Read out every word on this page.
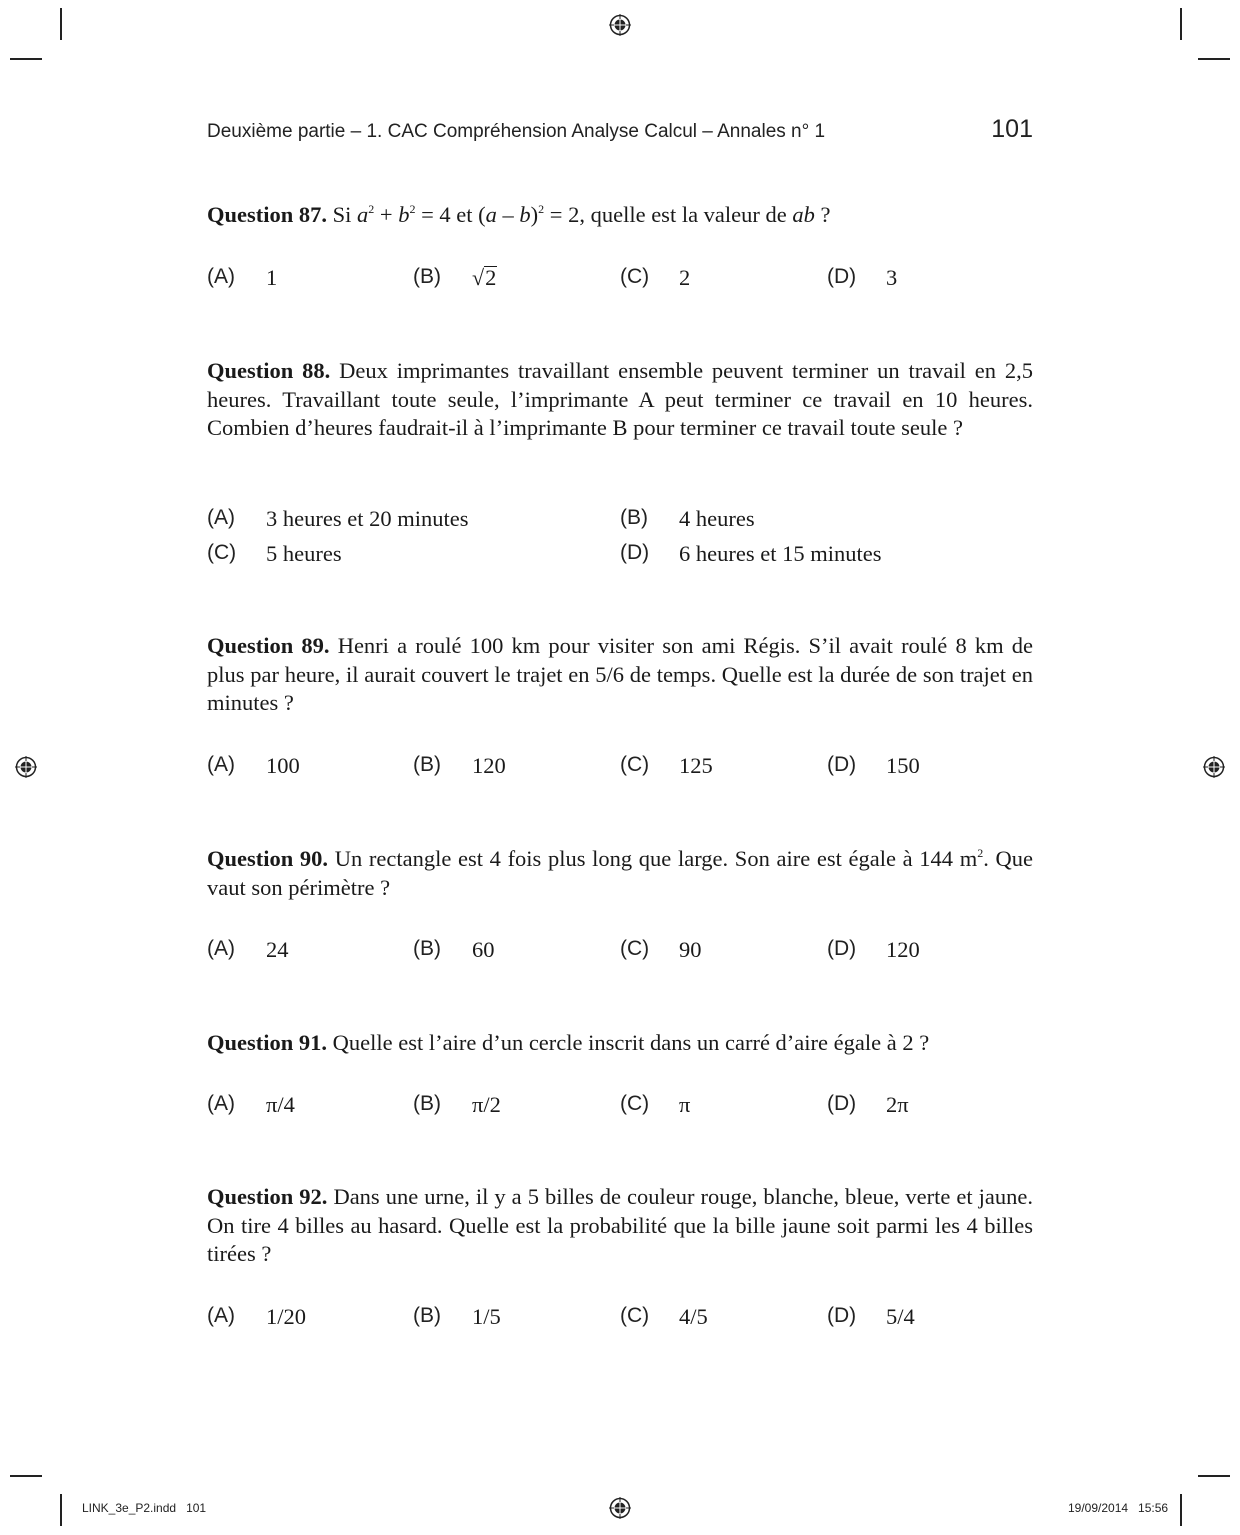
Deuxième partie – 1. CAC Compréhension Analyse Calcul – Annales n° 1	101
Question 87. Si $a^2 + b^2 = 4$ et (a – b)$^2$ = 2, quelle est la valeur de ab ?
(A) 1	(B) √2	(C) 2	(D) 3
Question 88. Deux imprimantes travaillant ensemble peuvent terminer un travail en 2,5 heures. Travaillant toute seule, l’imprimante A peut terminer ce travail en 10 heures. Combien d’heures faudrait-il à l’imprimante B pour terminer ce travail toute seule ?
(A) 3 heures et 20 minutes	(B) 4 heures
(C) 5 heures	(D) 6 heures et 15 minutes
Question 89. Henri a roulé 100 km pour visiter son ami Régis. S’il avait roulé 8 km de plus par heure, il aurait couvert le trajet en 5/6 de temps. Quelle est la durée de son trajet en minutes ?
(A) 100	(B) 120	(C) 125	(D) 150
Question 90. Un rectangle est 4 fois plus long que large. Son aire est égale à 144 $m^2$. Que vaut son périmètre ?
(A) 24	(B) 60	(C) 90	(D) 120
Question 91. Quelle est l’aire d’un cercle inscrit dans un carré d’aire égale à 2 ?
(A) π/4	(B) π/2	(C) π	(D) 2π
Question 92. Dans une urne, il y a 5 billes de couleur rouge, blanche, bleue, verte et jaune. On tire 4 billes au hasard. Quelle est la probabilité que la bille jaune soit parmi les 4 billes tirées ?
(A) 1/20	(B) 1/5	(C) 4/5	(D) 5/4
LINK_3e_P2.indd   101	19/09/2014   15:56
